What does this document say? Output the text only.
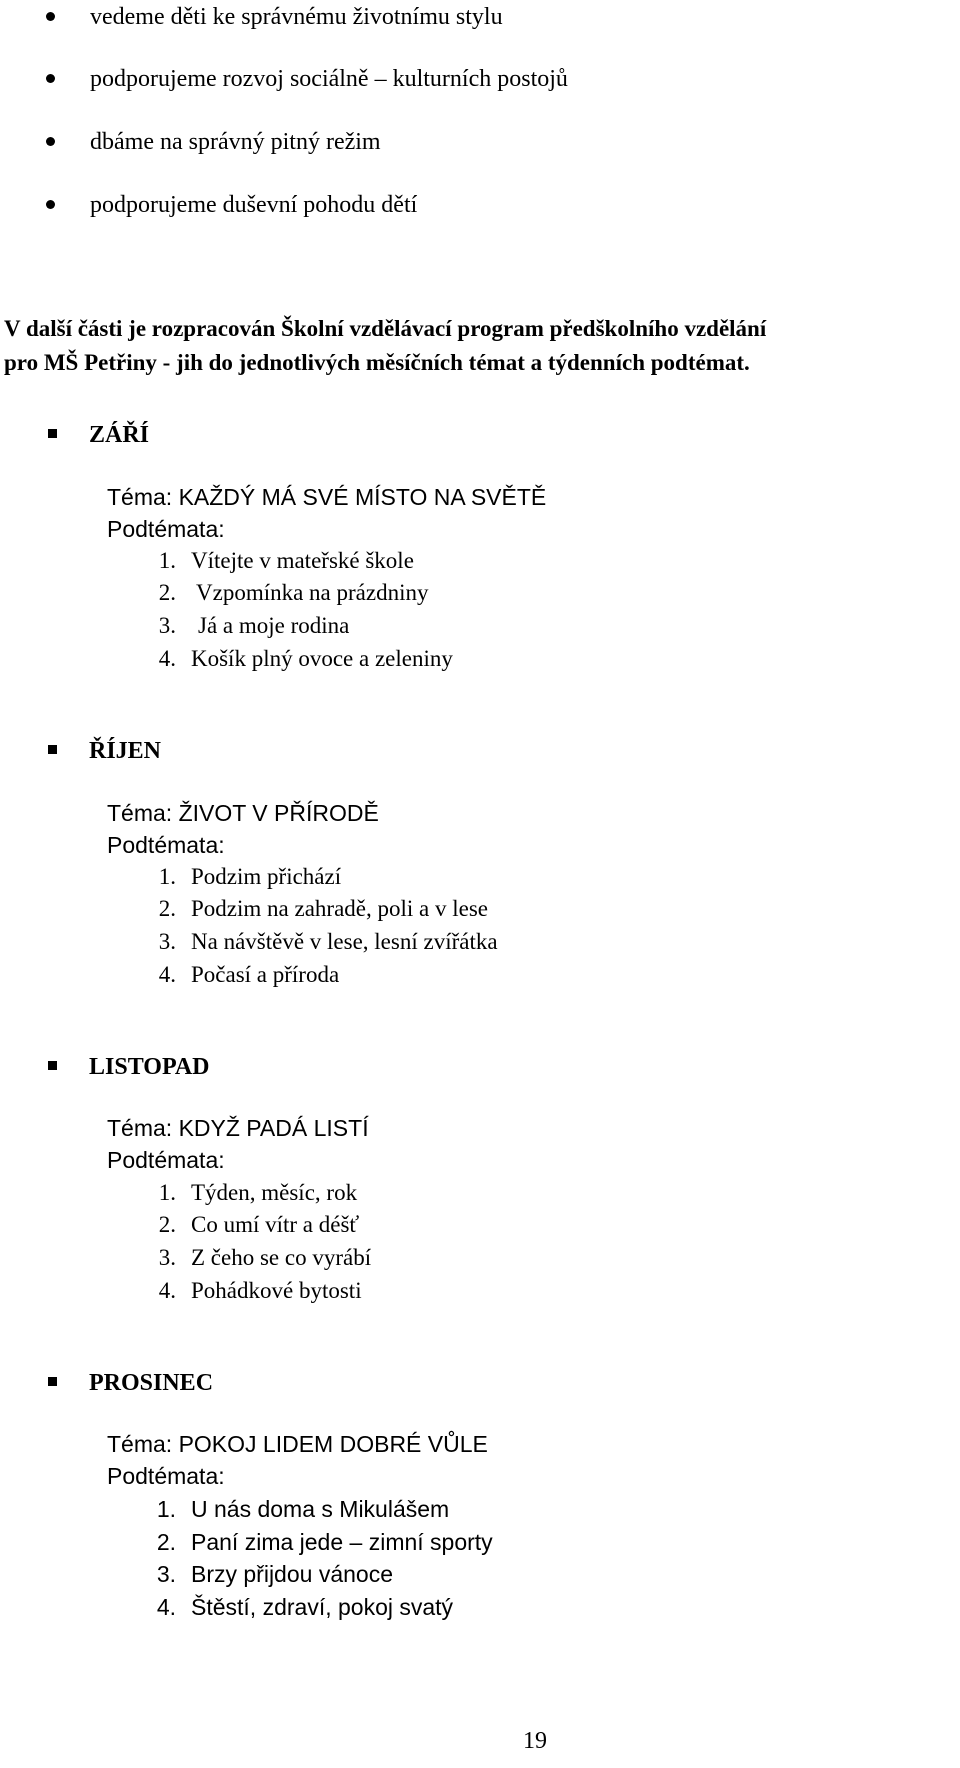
vedeme děti ke správnému životnímu stylu
podporujeme rozvoj sociálně – kulturních postojů
dbáme na správný pitný režim
podporujeme duševní pohodu dětí
V další části je rozpracován Školní vzdělávací program předškolního vzdělání
pro MŠ Petřiny - jih do jednotlivých měsíčních témat a týdenních podtémat.
ZÁŘÍ
Téma: KAŽDÝ MÁ SVÉ MÍSTO NA SVĚTĚ
Podtémata:
1. Vítejte v mateřské škole
2. Vzpomínka na prázdniny
3. Já a moje rodina
4. Košík plný ovoce a zeleniny
ŘÍJEN
Téma: ŽIVOT V PŘÍRODĚ
Podtémata:
1. Podzim přichází
2. Podzim na zahradě, poli a v lese
3. Na návštěvě v lese, lesní zvířátka
4. Počasí a příroda
LISTOPAD
Téma: KDYŽ PADÁ LISTÍ
Podtémata:
1. Týden, měsíc, rok
2. Co umí vítr a déšť
3. Z čeho se co vyrábí
4. Pohádkové bytosti
PROSINEC
Téma: POKOJ LIDEM DOBRÉ VŮLE
Podtémata:
1. U nás doma s Mikulášem
2. Paní zima jede – zimní sporty
3. Brzy přijdou vánoce
4. Štěstí, zdraví, pokoj svatý
19
